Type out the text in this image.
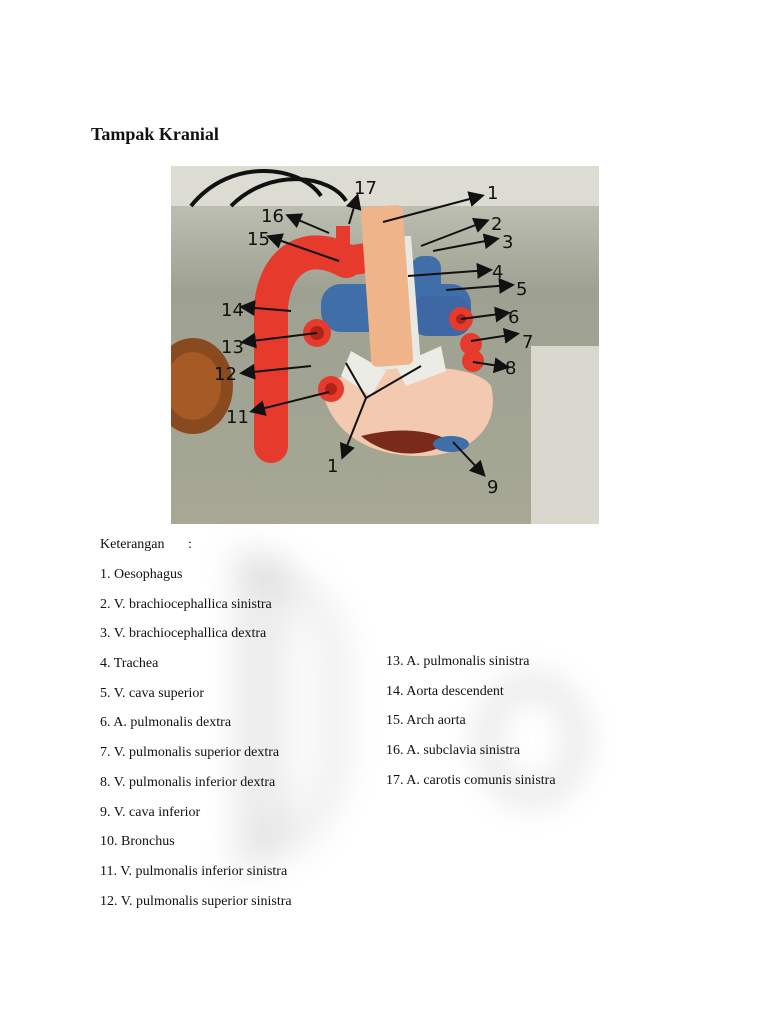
Tampak Kranial
1
2
3
4
5
6
7
8
9
11
12
13
14
15
16
17
1
Keterangan :
1. Oesophagus
2. V. brachiocephallica sinistra
3. V. brachiocephallica dextra
4. Trachea
5. V. cava superior
6. A. pulmonalis dextra
7. V. pulmonalis superior dextra
8. V. pulmonalis inferior dextra
9. V. cava inferior
10. Bronchus
11. V. pulmonalis inferior sinistra
12. V. pulmonalis superior sinistra
13. A. pulmonalis sinistra
14. Aorta descendent
15. Arch aorta
16. A. subclavia sinistra
17. A. carotis comunis sinistra
